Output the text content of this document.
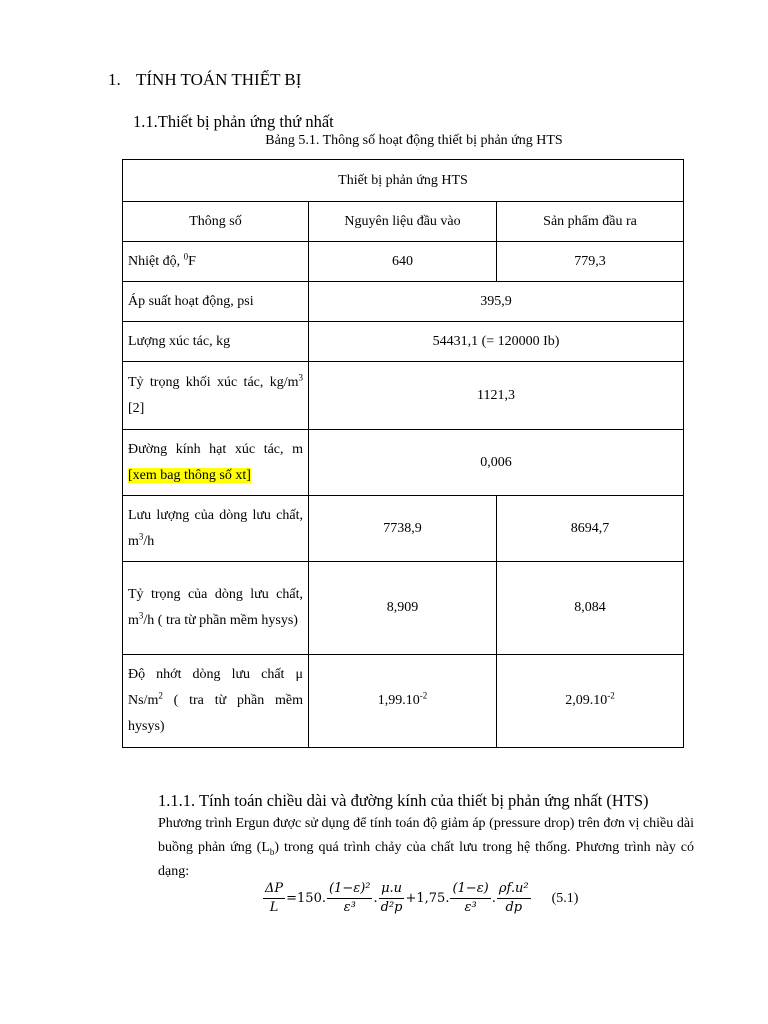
1. TÍNH TOÁN THIẾT BỊ
1.1.Thiết bị phản ứng thứ nhất
Bảng 5.1. Thông số hoạt động thiết bị phản ứng HTS
Thiết bị phản ứng HTS		
Thông số	Nguyên liệu đầu vào	Sản phẩm đầu ra
Nhiệt độ, $^0$F	640	779,3
Áp suất hoạt động, psi	395,9	
Lượng xúc tác, kg	54431,1 (= 120000 Ib)	
Tỷ trọng khối xúc tác, $kg/m^3$ [2]	1121,3	
Đường kính hạt xúc tác, m [xem bag thông số xt]	0,006	
Lưu lượng của dòng lưu chất, $m^3/h$	7738,9	8694,7
Tỷ trọng của dòng lưu chất, $m^3/h$ ( tra từ phần mềm hysys)	8,909	8,084
Độ nhớt dòng lưu chất μ $Ns/m^2$ ( tra từ phần mềm hysys)	$1,99.10^{-2}$	$2,09.10^{-2}$
1.1.1. Tính toán chiều dài và đường kính của thiết bị phản ứng nhất (HTS)
Phương trình Ergun được sử dụng để tính toán độ giảm áp (pressure drop) trên đơn vị chiều dài buồng phản ứng $(L_b)$ trong quá trình chảy của chất lưu trong hệ thống. Phương trình này có dạng:
$\frac{\Delta P}{L} =150$. $\frac{\text{(1−ε)²}}{\text{ε³}}$ . $\frac{\mu.u}{\text{d²p}} +1,75$. $\frac{(1-\varepsilon)}{\text{ε³}}$ . $\frac{\text{ρf.u²}}{dp} (5.1)$
